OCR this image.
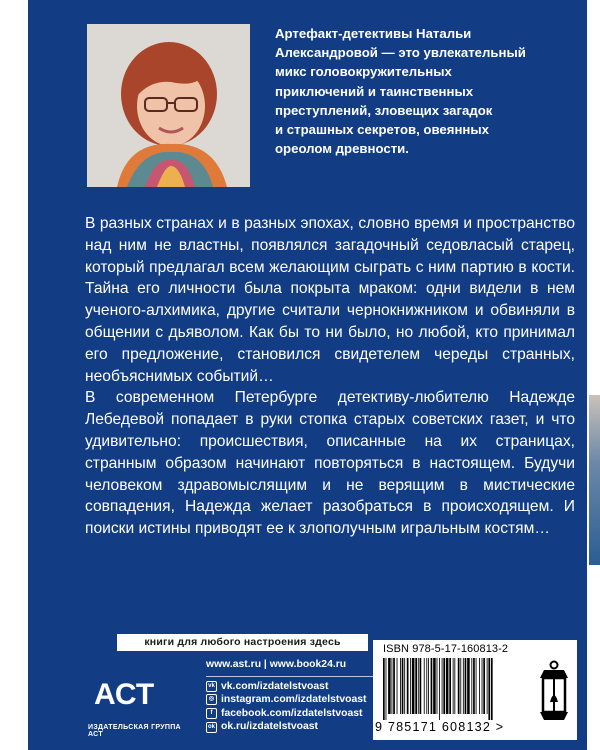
Артефакт-детективы Натальи
Александровой — это увлекательный
микс головокружительных
приключений и таинственных
преступлений, зловещих загадок
и страшных секретов, овеянных
ореолом древности.

В разных странах и в разных эпохах, словно время и пространство над ним не властны, появлялся загадочный седовласый старец, который предлагал всем желающим сыграть с ним партию в кости. Тайна его личности была покрыта мраком: одни видели в нем ученого-алхимика, другие считали чернокнижником и обвиняли в общении с дьяволом. Как бы то ни было, но любой, кто принимал его предложение, становился свидетелем череды странных, необъяснимых событий…

В современном Петербурге детективу-любителю Надежде Лебедевой попадает в руки стопка старых советских газет, и что удивительно: происшествия, описанные на их страницах, странным образом начинают повторяться в настоящем. Будучи человеком здравомыслящим и не верящим в мистические совпадения, Надежда желает разобраться в происходящем. И поиски истины приводят ее к злополучным игральным костям…

книги для любого настроения здесь
АСТ
ИЗДАТЕЛЬСКАЯ ГРУППА АСТ
www.ast.ru | www.book24.ru
vk vk.com/izdatelstvoast
◎ instagram.com/izdatelstvoast
f facebook.com/izdatelstvoast
ok ok.ru/izdatelstvoast
ISBN 978-5-17-160813-2
9 785171 608132 >
